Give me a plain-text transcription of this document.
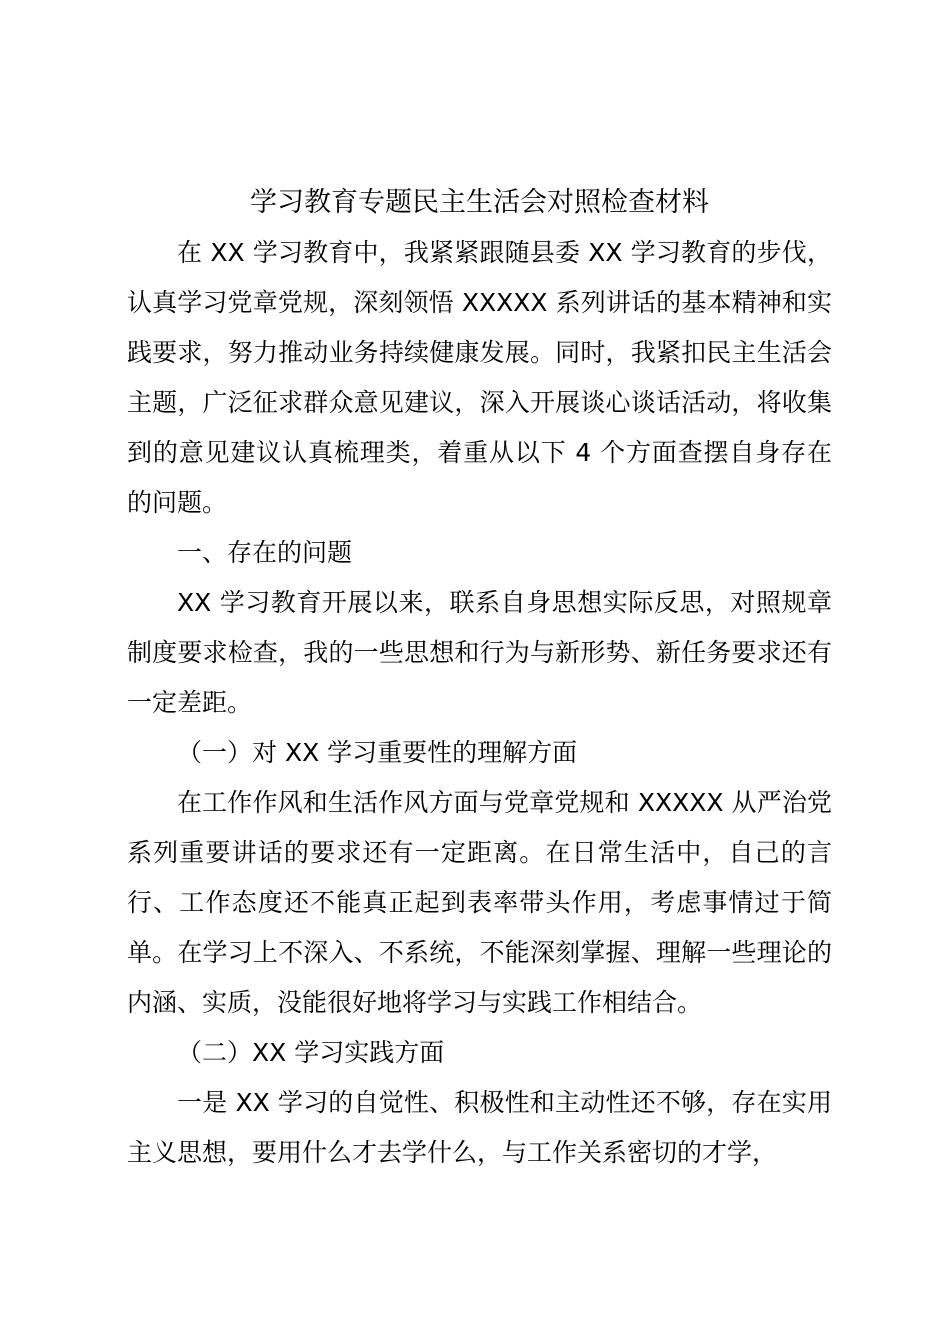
学习教育专题民主生活会对照检查材料

在 XX 学习教育中，我紧紧跟随县委 XX 学习教育的步伐，认真学习党章党规，深刻领悟 XXXXX 系列讲话的基本精神和实践要求，努力推动业务持续健康发展。同时，我紧扣民主生活会主题，广泛征求群众意见建议，深入开展谈心谈话活动，将收集到的意见建议认真梳理类，着重从以下 4 个方面查摆自身存在的问题。

一、存在的问题

XX 学习教育开展以来，联系自身思想实际反思，对照规章制度要求检查，我的一些思想和行为与新形势、新任务要求还有一定差距。

（一）对 XX 学习重要性的理解方面

在工作作风和生活作风方面与党章党规和 XXXXX 从严治党系列重要讲话的要求还有一定距离。在日常生活中，自己的言行、工作态度还不能真正起到表率带头作用，考虑事情过于简单。在学习上不深入、不系统，不能深刻掌握、理解一些理论的内涵、实质，没能很好地将学习与实践工作相结合。

（二）XX 学习实践方面

一是 XX 学习的自觉性、积极性和主动性还不够，存在实用主义思想，要用什么才去学什么，与工作关系密切的才学，
